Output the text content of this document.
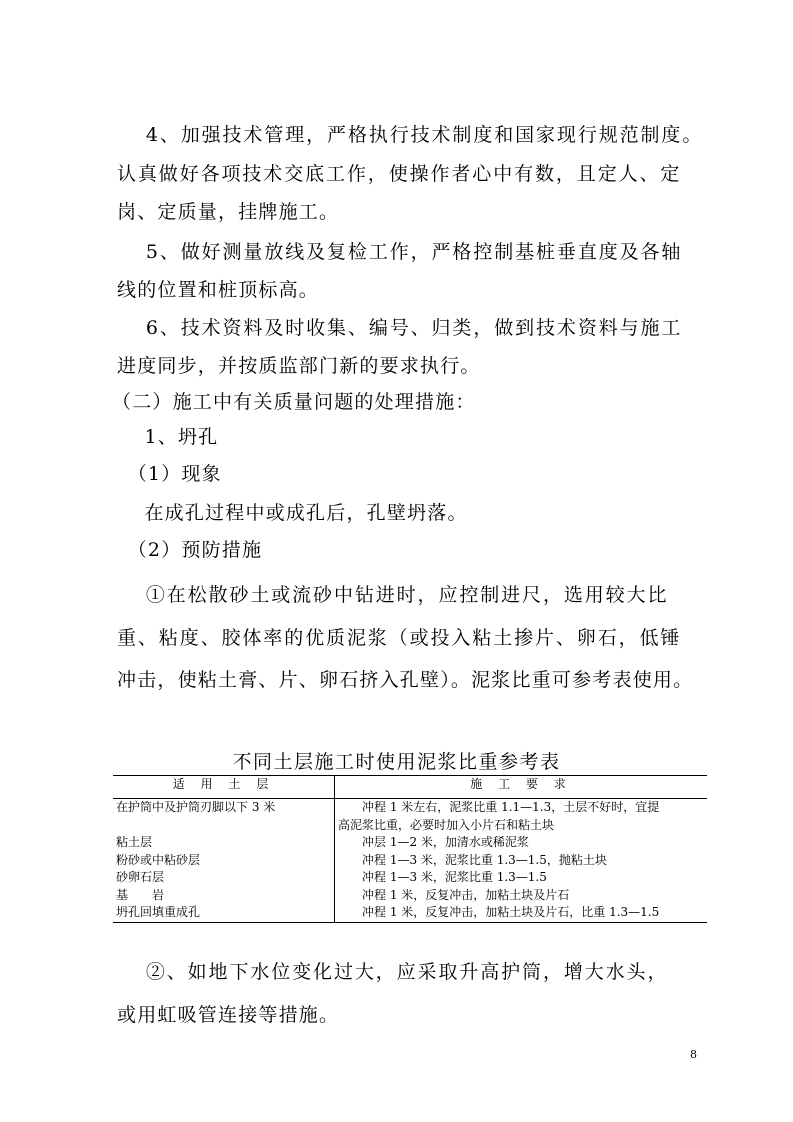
　 4、加强技术管理，严格执行技术制度和国家现行规范制度。
认真做好各项技术交底工作，使操作者心中有数，且定人、定
岗、定质量，挂牌施工。
　 5、做好测量放线及复检工作，严格控制基桩垂直度及各轴
线的位置和桩顶标高。
　 6、技术资料及时收集、编号、归类，做到技术资料与施工
进度同步，并按质监部门新的要求执行。
（二）施工中有关质量问题的处理措施：
　 1、坍孔
　（1）现象
　 在成孔过程中或成孔后，孔壁坍落。
　（2）预防措施
　 ①在松散砂土或流砂中钻进时，应控制进尺，选用较大比
重、粘度、胶体率的优质泥浆（或投入粘土掺片、卵石，低锤
冲击，使粘土膏、片、卵石挤入孔壁）。泥浆比重可参考表使用。
　 ②、如地下水位变化过大，应采取升高护筒，增大水头，
或用虹吸管连接等措施。
不同土层施工时使用泥浆比重参考表
适 用 土 层	施 工 要 求
在护筒中及护筒刃脚以下 3 米	冲程 1 米左右，泥浆比重 1.1—1.3，土层不好时，宜提
	高泥浆比重，必要时加入小片石和粘土块
粘土层	冲层 1—2 米，加清水或稀泥浆
粉砂或中粘砂层	冲程 1—3 米，泥浆比重 1.3—1.5，抛粘土块
砂卵石层	冲程 1—3 米，泥浆比重 1.3—1.5
基　　岩	冲程 1 米，反复冲击，加粘土块及片石
坍孔回填重成孔	冲程 1 米，反复冲击，加粘土块及片石，比重 1.3—1.5
8
